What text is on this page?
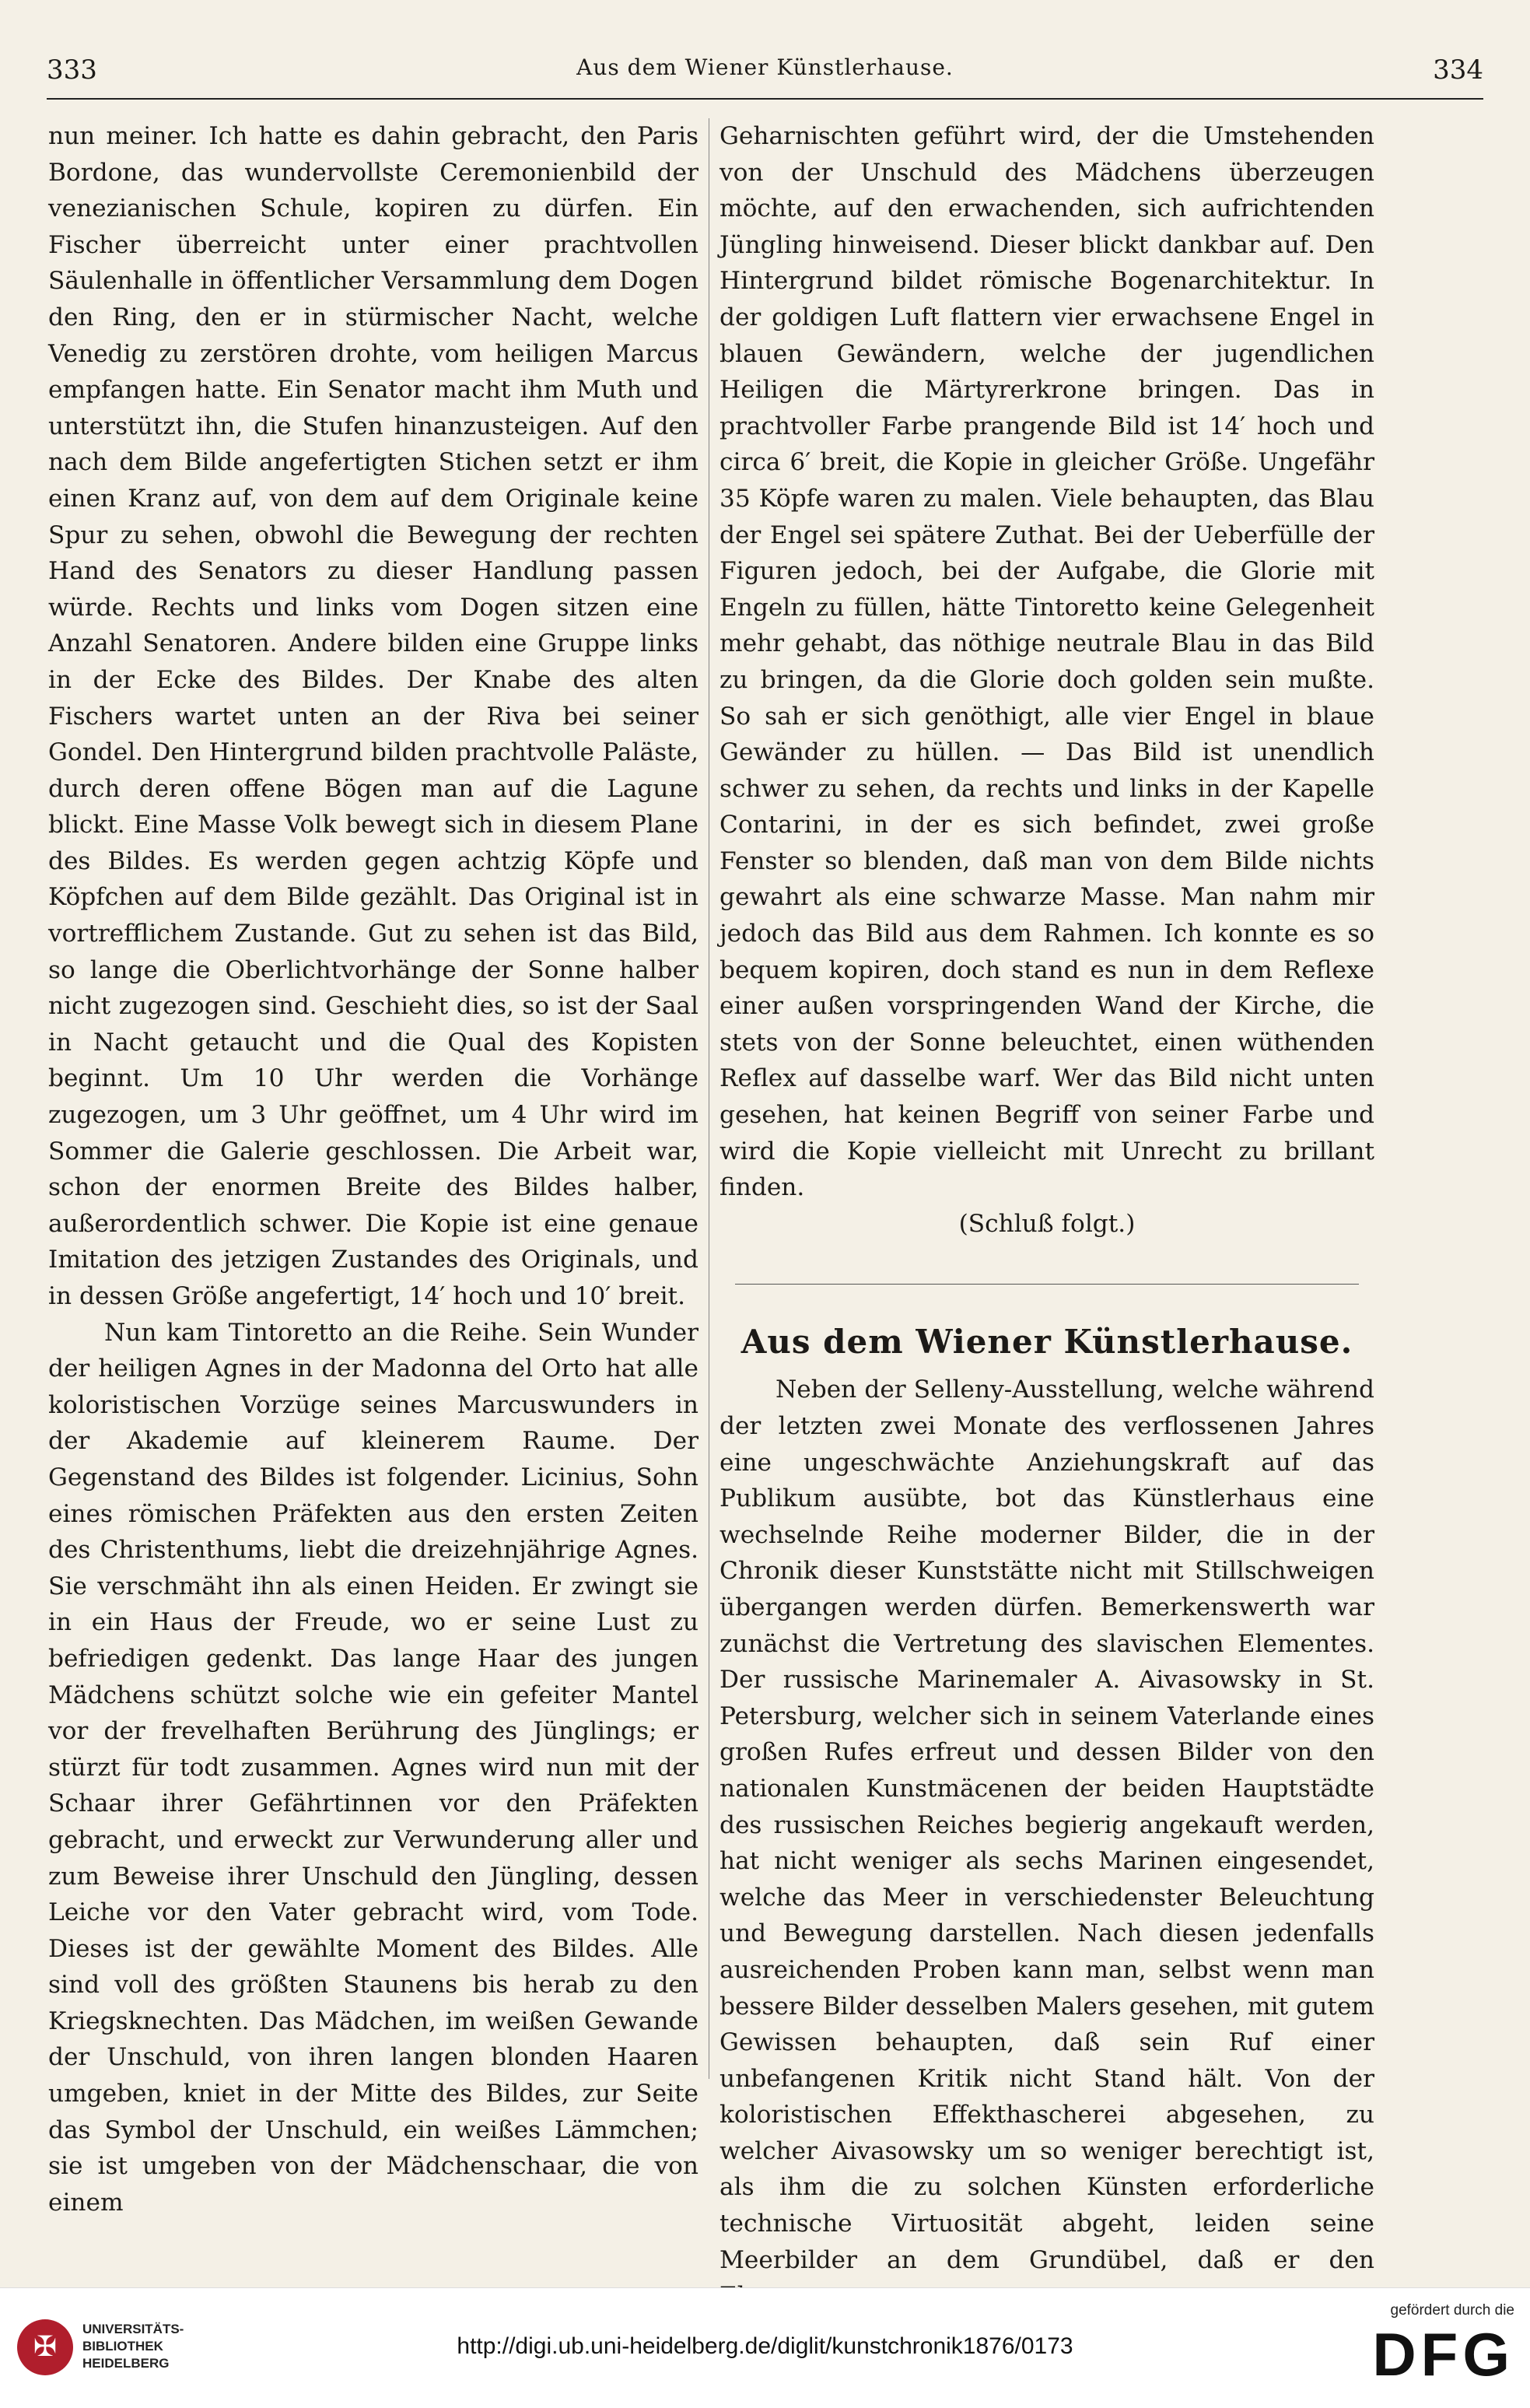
333	Aus dem Wiener Künstlerhause.	334

nun meiner. Ich hatte es dahin gebracht, den Paris Bordone, das wundervollste Ceremonienbild der venezianischen Schule, kopiren zu dürfen. Ein Fischer überreicht unter einer prachtvollen Säulenhalle in öffentlicher Versammlung dem Dogen den Ring, den er in stürmischer Nacht, welche Venedig zu zerstören drohte, vom heiligen Marcus empfangen hatte. Ein Senator macht ihm Muth und unterstützt ihn, die Stufen hinanzusteigen. Auf den nach dem Bilde angefertigten Stichen setzt er ihm einen Kranz auf, von dem auf dem Originale keine Spur zu sehen, obwohl die Bewegung der rechten Hand des Senators zu dieser Handlung passen würde. Rechts und links vom Dogen sitzen eine Anzahl Senatoren. Andere bilden eine Gruppe links in der Ecke des Bildes. Der Knabe des alten Fischers wartet unten an der Riva bei seiner Gondel. Den Hintergrund bilden prachtvolle Paläste, durch deren offene Bögen man auf die Lagune blickt. Eine Masse Volk bewegt sich in diesem Plane des Bildes. Es werden gegen achtzig Köpfe und Köpfchen auf dem Bilde gezählt. Das Original ist in vortrefflichem Zustande. Gut zu sehen ist das Bild, so lange die Oberlichtvorhänge der Sonne halber nicht zugezogen sind. Geschieht dies, so ist der Saal in Nacht getaucht und die Qual des Kopisten beginnt. Um 10 Uhr werden die Vorhänge zugezogen, um 3 Uhr geöffnet, um 4 Uhr wird im Sommer die Galerie geschlossen. Die Arbeit war, schon der enormen Breite des Bildes halber, außerordentlich schwer. Die Kopie ist eine genaue Imitation des jetzigen Zustandes des Originals, und in dessen Größe angefertigt, 14′ hoch und 10′ breit.

Nun kam Tintoretto an die Reihe. Sein Wunder der heiligen Agnes in der Madonna del Orto hat alle koloristischen Vorzüge seines Marcuswunders in der Akademie auf kleinerem Raume. Der Gegenstand des Bildes ist folgender. Licinius, Sohn eines römischen Präfekten aus den ersten Zeiten des Christenthums, liebt die dreizehnjährige Agnes. Sie verschmäht ihn als einen Heiden. Er zwingt sie in ein Haus der Freude, wo er seine Lust zu befriedigen gedenkt. Das lange Haar des jungen Mädchens schützt solche wie ein gefeiter Mantel vor der frevelhaften Berührung des Jünglings; er stürzt für todt zusammen. Agnes wird nun mit der Schaar ihrer Gefährtinnen vor den Präfekten gebracht, und erweckt zur Verwunderung aller und zum Beweise ihrer Unschuld den Jüngling, dessen Leiche vor den Vater gebracht wird, vom Tode. Dieses ist der gewählte Moment des Bildes. Alle sind voll des größten Staunens bis herab zu den Kriegsknechten. Das Mädchen, im weißen Gewande der Unschuld, von ihren langen blonden Haaren umgeben, kniet in der Mitte des Bildes, zur Seite das Symbol der Unschuld, ein weißes Lämmchen; sie ist umgeben von der Mädchenschaar, die von einem

Geharnischten geführt wird, der die Umstehenden von der Unschuld des Mädchens überzeugen möchte, auf den erwachenden, sich aufrichtenden Jüngling hinweisend. Dieser blickt dankbar auf. Den Hintergrund bildet römische Bogenarchitektur. In der goldigen Luft flattern vier erwachsene Engel in blauen Gewändern, welche der jugendlichen Heiligen die Märtyrerkrone bringen. Das in prachtvoller Farbe prangende Bild ist 14′ hoch und circa 6′ breit, die Kopie in gleicher Größe. Ungefähr 35 Köpfe waren zu malen. Viele behaupten, das Blau der Engel sei spätere Zuthat. Bei der Ueberfülle der Figuren jedoch, bei der Aufgabe, die Glorie mit Engeln zu füllen, hätte Tintoretto keine Gelegenheit mehr gehabt, das nöthige neutrale Blau in das Bild zu bringen, da die Glorie doch golden sein mußte. So sah er sich genöthigt, alle vier Engel in blaue Gewänder zu hüllen. — Das Bild ist unendlich schwer zu sehen, da rechts und links in der Kapelle Contarini, in der es sich befindet, zwei große Fenster so blenden, daß man von dem Bilde nichts gewahrt als eine schwarze Masse. Man nahm mir jedoch das Bild aus dem Rahmen. Ich konnte es so bequem kopiren, doch stand es nun in dem Reflexe einer außen vorspringenden Wand der Kirche, die stets von der Sonne beleuchtet, einen wüthenden Reflex auf dasselbe warf. Wer das Bild nicht unten gesehen, hat keinen Begriff von seiner Farbe und wird die Kopie vielleicht mit Unrecht zu brillant finden.

(Schluß folgt.)

Aus dem Wiener Künstlerhause.

Neben der Selleny-Ausstellung, welche während der letzten zwei Monate des verflossenen Jahres eine ungeschwächte Anziehungskraft auf das Publikum ausübte, bot das Künstlerhaus eine wechselnde Reihe moderner Bilder, die in der Chronik dieser Kunststätte nicht mit Stillschweigen übergangen werden dürfen. Bemerkenswerth war zunächst die Vertretung des slavischen Elementes. Der russische Marinemaler A. Aivasowsky in St. Petersburg, welcher sich in seinem Vaterlande eines großen Rufes erfreut und dessen Bilder von den nationalen Kunstmäcenen der beiden Hauptstädte des russischen Reiches begierig angekauft werden, hat nicht weniger als sechs Marinen eingesendet, welche das Meer in verschiedenster Beleuchtung und Bewegung darstellen. Nach diesen jedenfalls ausreichenden Proben kann man, selbst wenn man bessere Bilder desselben Malers gesehen, mit gutem Gewissen behaupten, daß sein Ruf einer unbefangenen Kritik nicht Stand hält. Von der koloristischen Effekthascherei abgesehen, zu welcher Aivasowsky um so weniger berechtigt ist, als ihm die zu solchen Künsten erforderliche technische Virtuosität abgeht, leiden seine Meerbilder an dem Grundübel, daß er den

✠
UNIVERSITÄTS-
BIBLIOTHEK
HEIDELBERG
http://digi.ub.uni-heidelberg.de/diglit/kunstchronik1876/0173
gefördert durch die
DFG
